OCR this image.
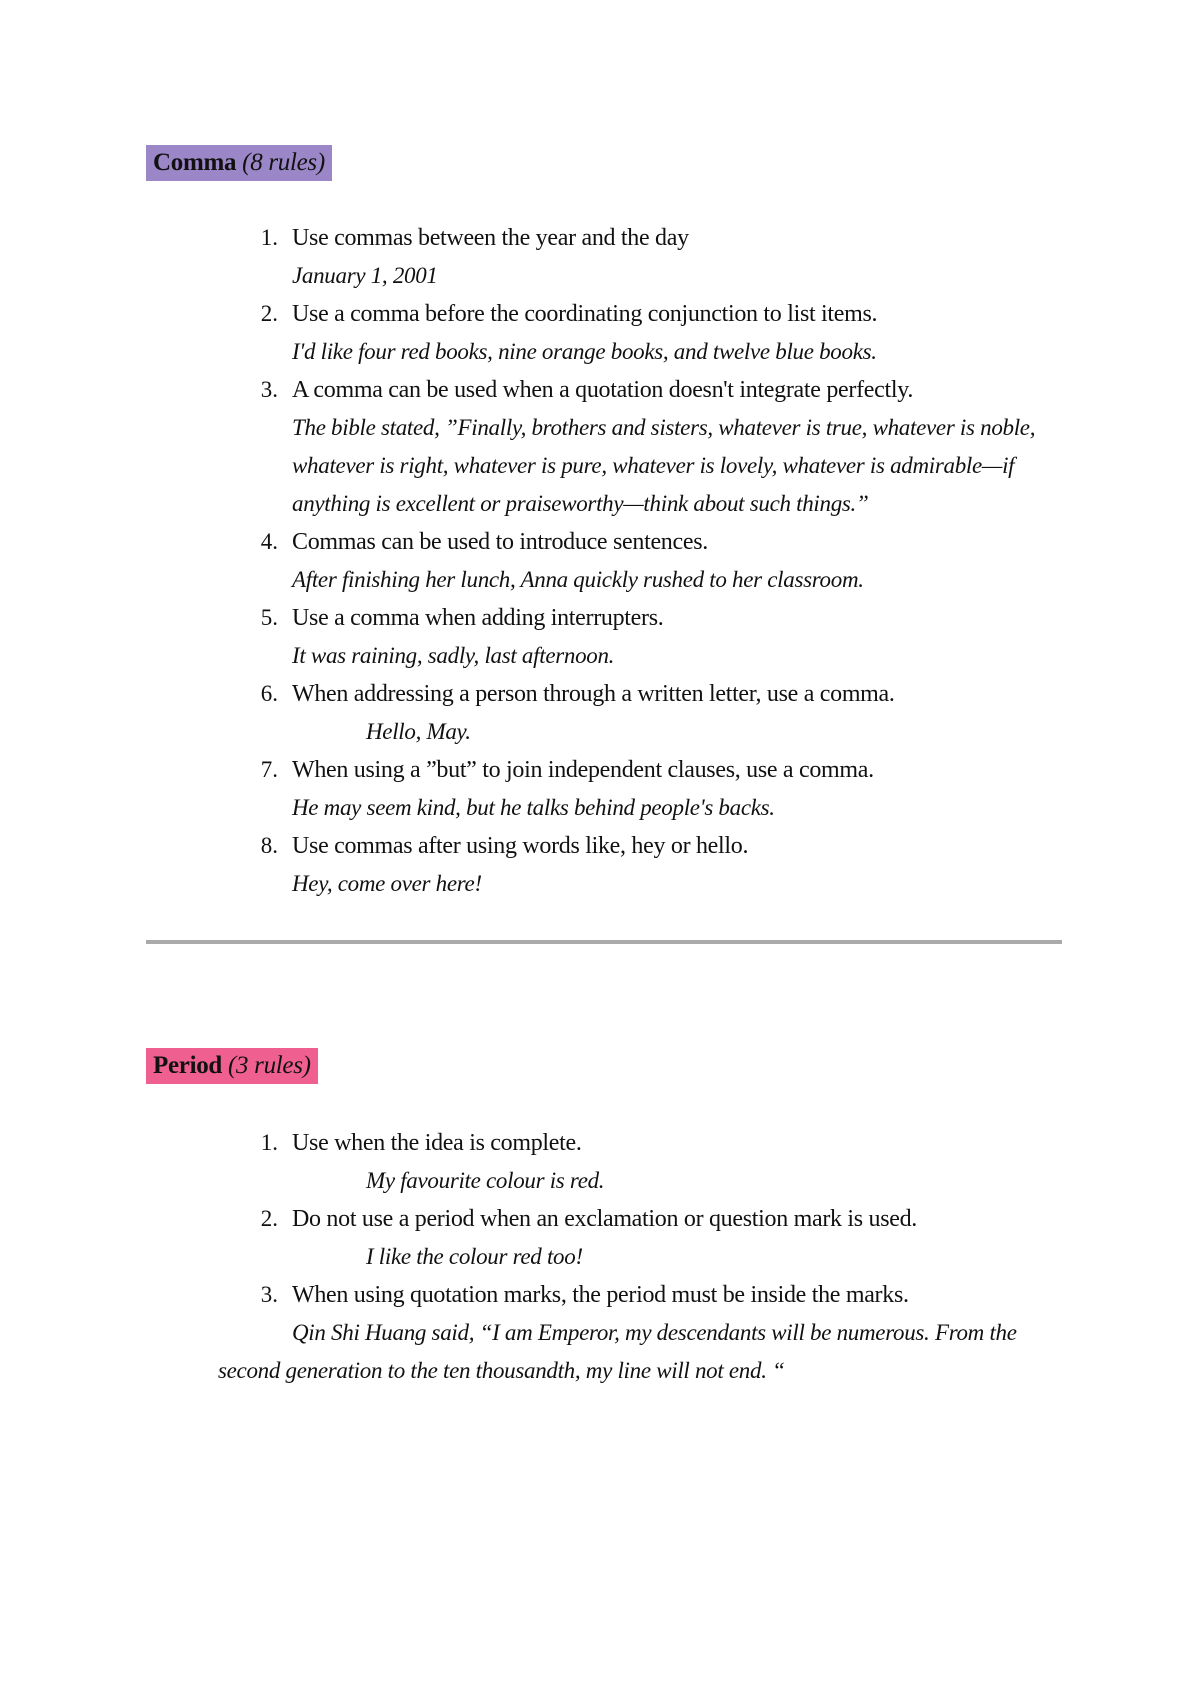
Comma (8 rules)
1. Use commas between the year and the day
January 1, 2001
2. Use a comma before the coordinating conjunction to list items.
I'd like four red books, nine orange books, and twelve blue books.
3. A comma can be used when a quotation doesn't integrate perfectly.
The bible stated, ”Finally, brothers and sisters, whatever is true, whatever is noble, whatever is right, whatever is pure, whatever is lovely, whatever is admirable—if anything is excellent or praiseworthy—think about such things.”
4. Commas can be used to introduce sentences.
After finishing her lunch, Anna quickly rushed to her classroom.
5. Use a comma when adding interrupters.
It was raining, sadly, last afternoon.
6. When addressing a person through a written letter, use a comma.
Hello, May.
7. When using a ”but” to join independent clauses, use a comma.
He may seem kind, but he talks behind people's backs.
8. Use commas after using words like, hey or hello.
Hey, come over here!
Period (3 rules)
1. Use when the idea is complete.
My favourite colour is red.
2. Do not use a period when an exclamation or question mark is used.
I like the colour red too!
3. When using quotation marks, the period must be inside the marks.
Qin Shi Huang said, “I am Emperor, my descendants will be numerous. From the second generation to the ten thousandth, my line will not end. “
